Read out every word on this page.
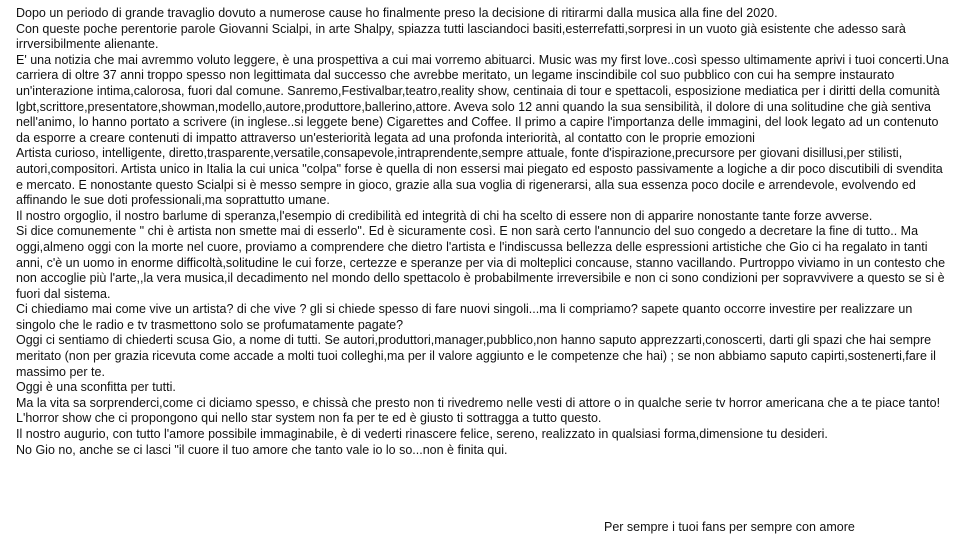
Dopo un periodo di grande travaglio dovuto a numerose cause ho finalmente preso la decisione di ritirarmi dalla musica alla fine del 2020.

Con queste poche perentorie parole Giovanni Scialpi, in arte Shalpy, spiazza tutti lasciandoci basiti,esterrefatti,sorpresi in un vuoto già esistente che adesso sarà irrversibilmente alienante.

E' una notizia che mai avremmo voluto leggere, è una prospettiva a cui mai vorremo abituarci. Music was my first love..così spesso ultimamente aprivi i tuoi concerti.Una carriera di oltre 37 anni troppo spesso non legittimata dal successo che avrebbe meritato, un legame inscindibile col suo pubblico con cui ha sempre instaurato un'interazione intima,calorosa, fuori dal comune. Sanremo,Festivalbar,teatro,reality show, centinaia di tour e spettacoli, esposizione mediatica per i diritti della comunità lgbt,scrittore,presentatore,showman,modello,autore,produttore,ballerino,attore. Aveva solo 12 anni quando la sua sensibilità, il dolore di una solitudine che già sentiva nell'animo, lo hanno portato a scrivere (in inglese..si leggete bene) Cigarettes and Coffee. Il primo a capire l'importanza delle immagini, del look legato ad un contenuto da esporre a creare contenuti di impatto attraverso un'esteriorità legata ad una profonda interiorità, al contatto con le proprie emozioni

Artista curioso, intelligente, diretto,trasparente,versatile,consapevole,intraprendente,sempre attuale, fonte d'ispirazione,precursore per giovani disillusi,per stilisti, autori,compositori. Artista unico in Italia la cui unica "colpa" forse è quella di non essersi mai piegato ed esposto passivamente a logiche a dir poco discutibili di svendita e mercato. E nonostante questo Scialpi si è messo sempre in gioco, grazie alla sua voglia di rigenerarsi, alla sua essenza poco docile e arrendevole, evolvendo ed affinando le sue doti professionali,ma soprattutto umane.

Il nostro orgoglio, il nostro barlume di speranza,l'esempio di credibilità ed integrità di chi ha scelto di essere non di apparire nonostante tante forze avverse.

Si dice comunemente " chi è artista non smette mai di esserlo". Ed è sicuramente così. E non sarà certo l'annuncio del suo congedo a decretare la fine di tutto.. Ma oggi,almeno oggi con la morte nel cuore, proviamo a comprendere che dietro l'artista e l'indiscussa bellezza delle espressioni artistiche che Gio ci ha regalato in tanti anni, c'è un uomo in enorme difficoltà,solitudine le cui forze, certezze e speranze per via di molteplici concause, stanno vacillando. Purtroppo viviamo in un contesto che non accoglie più l'arte,,la vera musica,il decadimento nel mondo dello spettacolo è probabilmente irreversibile e non ci sono condizioni per sopravvivere a questo se si è fuori dal sistema.

Ci chiediamo mai come vive un artista? di che vive ? gli si chiede spesso di fare nuovi singoli...ma li compriamo? sapete quanto occorre investire per realizzare un singolo che le radio e tv trasmettono solo se profumatamente pagate?

Oggi ci sentiamo di chiederti scusa Gio, a nome di tutti. Se autori,produttori,manager,pubblico,non hanno saputo apprezzarti,conoscerti, darti gli spazi che hai sempre meritato (non per grazia ricevuta come accade a molti tuoi colleghi,ma per il valore aggiunto e le competenze che hai) ; se non abbiamo saputo capirti,sostenerti,fare il massimo per te.

Oggi è una sconfitta per tutti.

Ma la vita sa sorprenderci,come ci diciamo spesso, e chissà che presto non ti rivedremo nelle vesti di attore o in qualche serie tv horror americana che a te piace tanto! L'horror show che ci propongono qui nello star system non fa per te ed è giusto ti sottragga a tutto questo.

Il nostro augurio, con tutto l'amore possibile immaginabile, è di vederti rinascere felice, sereno, realizzato in qualsiasi forma,dimensione tu desideri.

No Gio no, anche se ci lasci "il cuore il tuo amore che tanto vale io lo so...non è finita qui.

Per sempre i tuoi fans per sempre con amore
